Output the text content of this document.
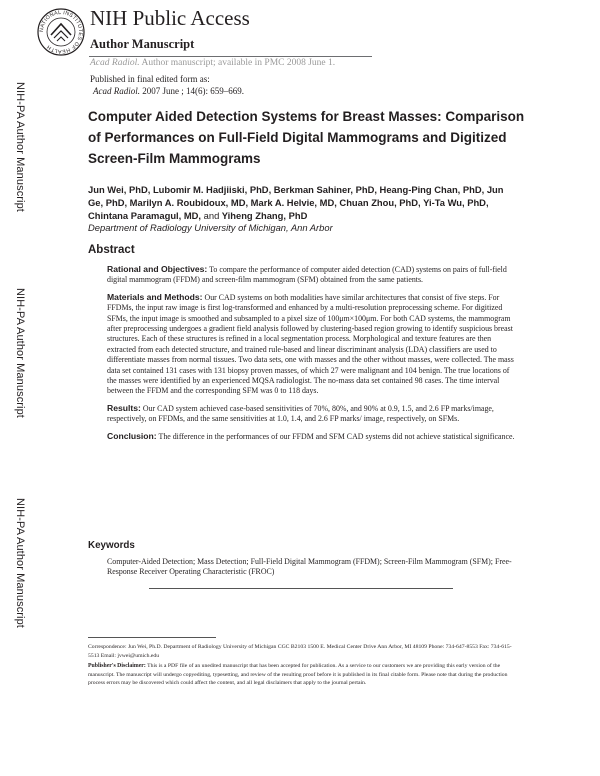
NATIONAL INSTITUTES OF HEALTH
NIH Public Access
Author Manuscript
Acad Radiol. Author manuscript; available in PMC 2008 June 1.
NIH-PA Author Manuscript
NIH-PA Author Manuscript
NIH-PA Author Manuscript
Published in final edited form as:
Acad Radiol. 2007 June ; 14(6): 659–669.
Computer Aided Detection Systems for Breast Masses: Comparison of Performances on Full-Field Digital Mammograms and Digitized Screen-Film Mammograms
Jun Wei, PhD, Lubomir M. Hadjiiski, PhD, Berkman Sahiner, PhD, Heang-Ping Chan, PhD, Jun Ge, PhD, Marilyn A. Roubidoux, MD, Mark A. Helvie, MD, Chuan Zhou, PhD, Yi-Ta Wu, PhD, Chintana Paramagul, MD, and Yiheng Zhang, PhD
Department of Radiology University of Michigan, Ann Arbor
Abstract

Rational and Objectives: To compare the performance of computer aided detection (CAD) systems on pairs of full-field digital mammogram (FFDM) and screen-film mammogram (SFM) obtained from the same patients.

Materials and Methods: Our CAD systems on both modalities have similar architectures that consist of five steps. For FFDMs, the input raw image is first log-transformed and enhanced by a multi-resolution preprocessing scheme. For digitized SFMs, the input image is smoothed and subsampled to a pixel size of 100μm×100μm. For both CAD systems, the mammogram after preprocessing undergoes a gradient field analysis followed by clustering-based region growing to identify suspicious breast structures. Each of these structures is refined in a local segmentation process. Morphological and texture features are then extracted from each detected structure, and trained rule-based and linear discriminant analysis (LDA) classifiers are used to differentiate masses from normal tissues. Two data sets, one with masses and the other without masses, were collected. The mass data set contained 131 cases with 131 biopsy proven masses, of which 27 were malignant and 104 benign. The true locations of the masses were identified by an experienced MQSA radiologist. The no-mass data set contained 98 cases. The time interval between the FFDM and the corresponding SFM was 0 to 118 days.

Results: Our CAD system achieved case-based sensitivities of 70%, 80%, and 90% at 0.9, 1.5, and 2.6 FP marks/image, respectively, on FFDMs, and the same sensitivities at 1.0, 1.4, and 2.6 FP marks/ image, respectively, on SFMs.

Conclusion: The difference in the performances of our FFDM and SFM CAD systems did not achieve statistical significance.

Keywords
Computer-Aided Detection; Mass Detection; Full-Field Digital Mammogram (FFDM); Screen-Film Mammogram (SFM); Free-Response Receiver Operating Characteristic (FROC)

Correspondence: Jun Wei, Ph.D. Department of Radiology University of Michigan CGC B2103 1500 E. Medical Center Drive Ann Arbor, MI 48109 Phone: 734-647-8553 Fax: 734-615-5513 Email: jvwei@umich.edu

Publisher's Disclaimer: This is a PDF file of an unedited manuscript that has been accepted for publication. As a service to our customers we are providing this early version of the manuscript. The manuscript will undergo copyediting, typesetting, and review of the resulting proof before it is published in its final citable form. Please note that during the production process errors may be discovered which could affect the content, and all legal disclaimers that apply to the journal pertain.
